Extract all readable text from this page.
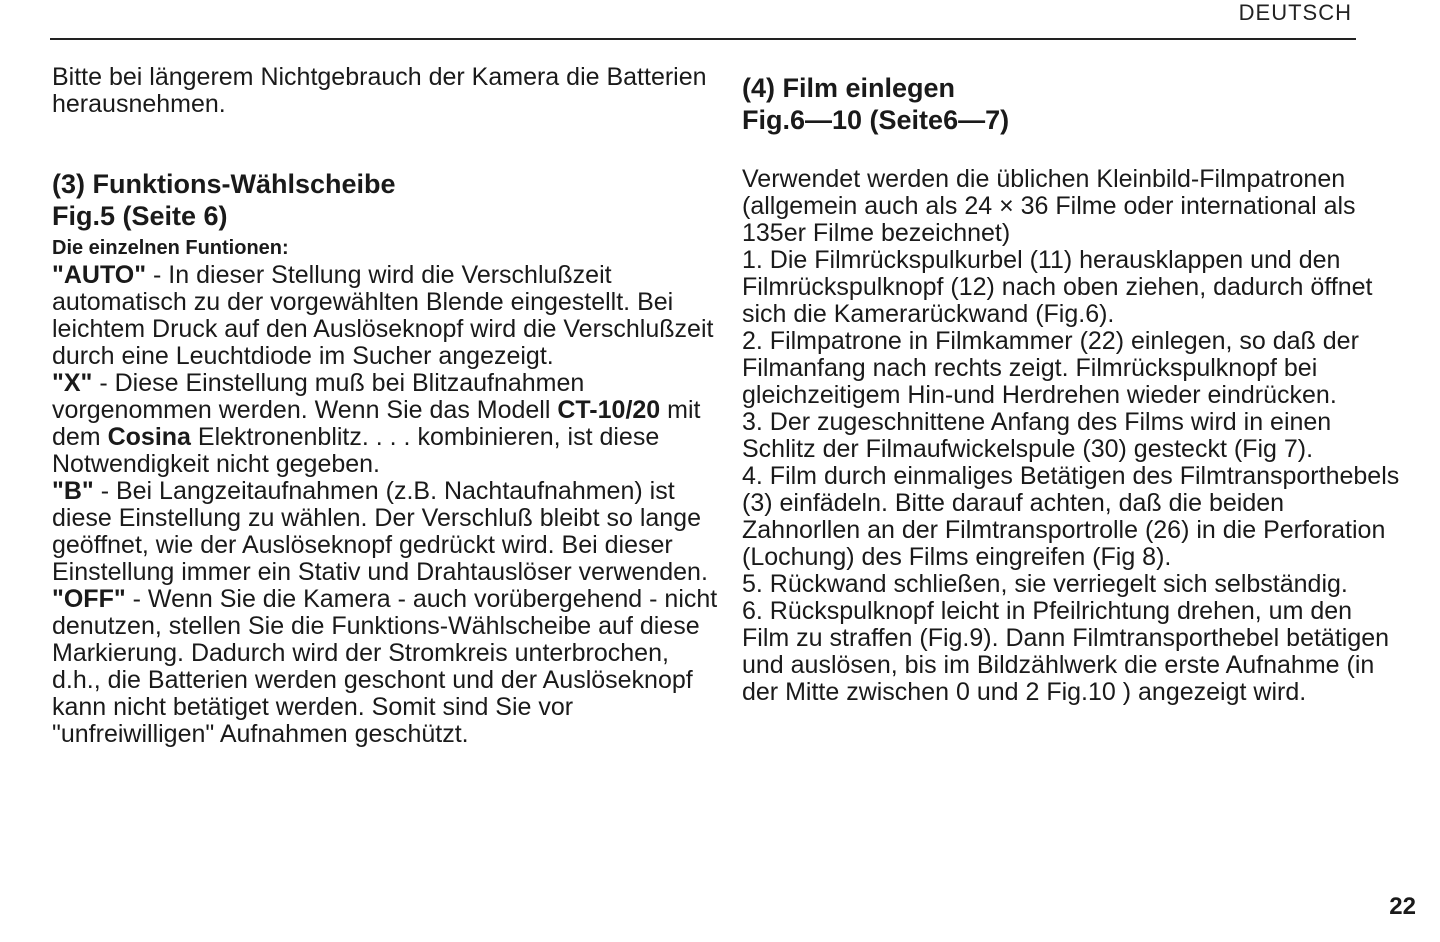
DEUTSCH

Bitte bei längerem Nichtgebrauch der Kamera die Batterien herausnehmen.

(3) Funktions-Wählscheibe
Fig.5 (Seite 6)
Die einzelnen Funtionen:

"AUTO" - In dieser Stellung wird die Verschlußzeit automatisch zu der vorgewählten Blende eingestellt. Bei leichtem Druck auf den Auslöseknopf wird die Verschlußzeit durch eine Leuchtdiode im Sucher angezeigt.

"X" - Diese Einstellung muß bei Blitzaufnahmen vorgenommen werden. Wenn Sie das Modell CT-10/20 mit dem Cosina Elektronenblitz. . . . kombinieren, ist diese Notwendigkeit nicht gegeben.

"B" - Bei Langzeitaufnahmen (z.B. Nachtaufnahmen) ist diese Einstellung zu wählen. Der Verschluß bleibt so lange geöffnet, wie der Auslöseknopf gedrückt wird. Bei dieser Einstellung immer ein Stativ und Drahtauslöser verwenden.

"OFF" - Wenn Sie die Kamera - auch vorübergehend - nicht denutzen, stellen Sie die Funktions-Wählscheibe auf diese Markierung. Dadurch wird der Stromkreis unterbrochen, d.h., die Batterien werden geschont und der Auslöseknopf kann nicht betätiget werden. Somit sind Sie vor "unfreiwilligen" Aufnahmen geschützt.

(4) Film einlegen
Fig.6—10 (Seite6—7)

Verwendet werden die üblichen Kleinbild-Filmpatronen (allgemein auch als 24 × 36 Filme oder international als 135er Filme bezeichnet)

1. Die Filmrückspulkurbel (11) herausklappen und den Filmrückspulknopf (12) nach oben ziehen, dadurch öffnet sich die Kamerarückwand (Fig.6).

2. Filmpatrone in Filmkammer (22) einlegen, so daß der Filmanfang nach rechts zeigt. Filmrückspulknopf bei gleichzeitigem Hin-und Herdrehen wieder eindrücken.

3. Der zugeschnittene Anfang des Films wird in einen Schlitz der Filmaufwickelspule (30) gesteckt (Fig 7).

4. Film durch einmaliges Betätigen des Filmtransporthebels (3) einfädeln. Bitte darauf achten, daß die beiden Zahnorllen an der Filmtransportrolle (26) in die Perforation (Lochung) des Films eingreifen (Fig 8).

5. Rückwand schließen, sie verriegelt sich selbständig.

6. Rückspulknopf leicht in Pfeilrichtung drehen, um den Film zu straffen (Fig.9). Dann Filmtransporthebel betätigen und auslösen, bis im Bildzählwerk die erste Aufnahme (in der Mitte zwischen 0 und 2 Fig.10 ) angezeigt wird.

22
